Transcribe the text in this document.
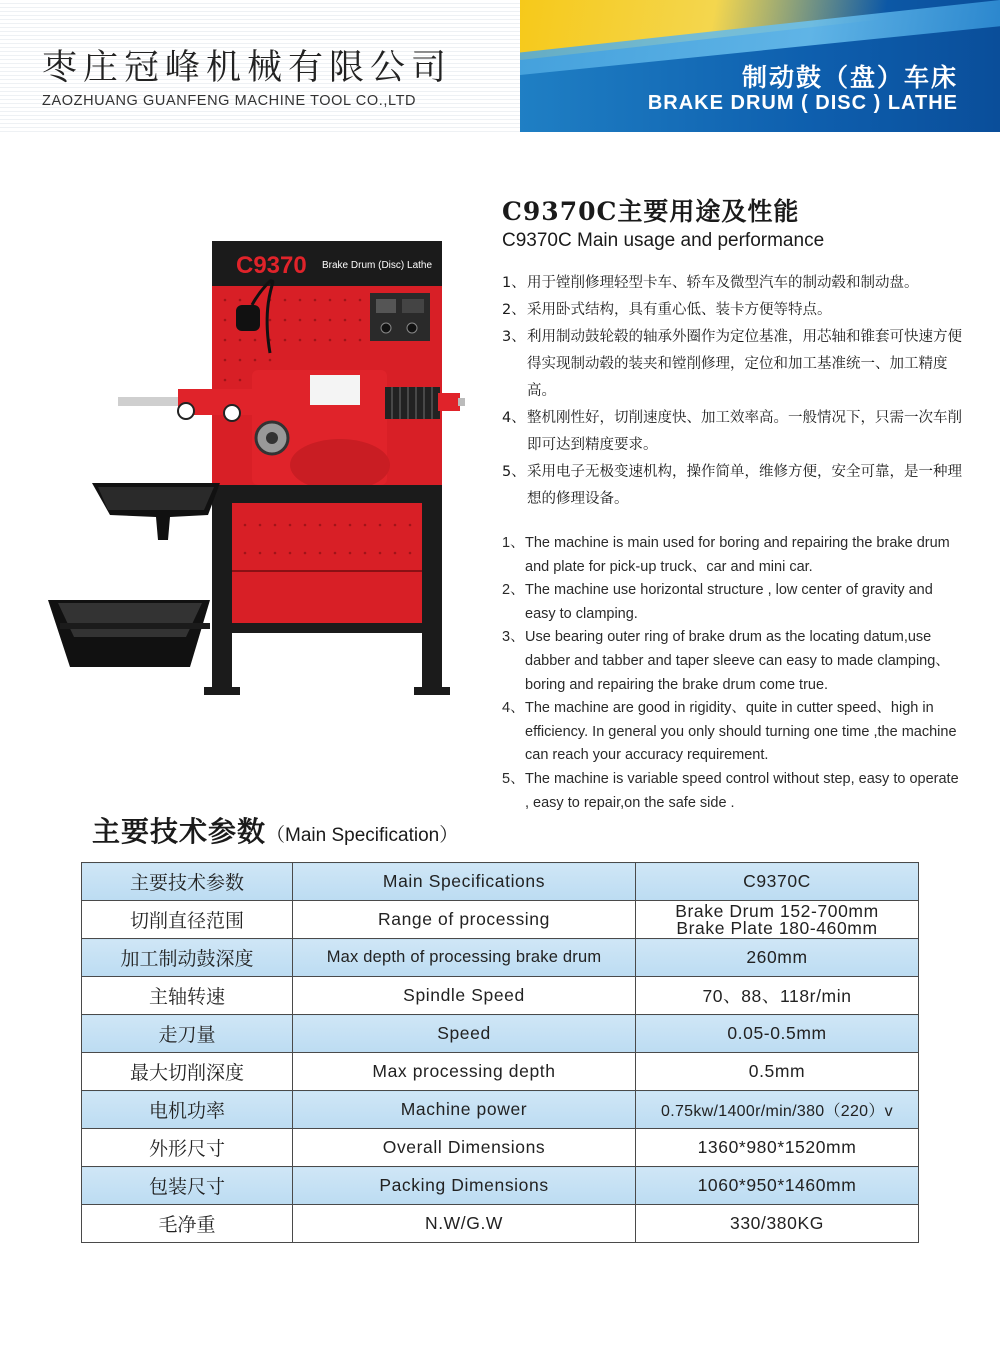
枣庄冠峰机械有限公司
ZAOZHUANG GUANFENG MACHINE TOOL CO.,LTD
制动鼓（盘）车床
BRAKE DRUM ( DISC ) LATHE
C9370 Brake Drum (Disc) Lathe
C9370C主要用途及性能
C9370C Main usage and performance
1、 用于镗削修理轻型卡车、轿车及微型汽车的制动毂和制动盘。
2、 采用卧式结构，具有重心低、装卡方便等特点。
3、 利用制动鼓轮毂的轴承外圈作为定位基准，用芯轴和锥套可快速方便得实现制动毂的装夹和镗削修理，定位和加工基准统一、加工精度高。
4、 整机刚性好，切削速度快、加工效率高。一般情况下，只需一次车削即可达到精度要求。
5、 采用电子无极变速机构，操作简单，维修方便，安全可靠，是一种理想的修理设备。
1、 The machine is main used for boring and repairing the brake drum and plate for pick-up truck、car and mini car.
2、 The machine use horizontal structure , low center of gravity and easy to clamping.
3、 Use bearing outer ring of brake drum as the locating datum,use dabber and tabber and taper sleeve can easy to made clamping、boring and repairing the brake drum come true.
4、 The machine are good in rigidity、quite in cutter speed、high in efficiency. In general you only should turning one time ,the machine can reach your accuracy requirement.
5、 The machine is variable speed control without step, easy to operate , easy to repair,on the safe side .
主要技术参数（Main Specification）
主要技术参数	Main Specifications	C9370C
切削直径范围	Range of processing	Brake Drum 152-700mm
Brake Plate 180-460mm

加工制动鼓深度	Max depth of processing brake drum	260mm
主轴转速	Spindle Speed	70、88、118r/min
走刀量	Speed	0.05-0.5mm
最大切削深度	Max processing depth	0.5mm
电机功率	Machine power	0.75kw/1400r/min/380（220）v
外形尺寸	Overall Dimensions	1360*980*1520mm
包装尺寸	Packing Dimensions	1060*950*1460mm
毛净重	N.W/G.W	330/380KG
